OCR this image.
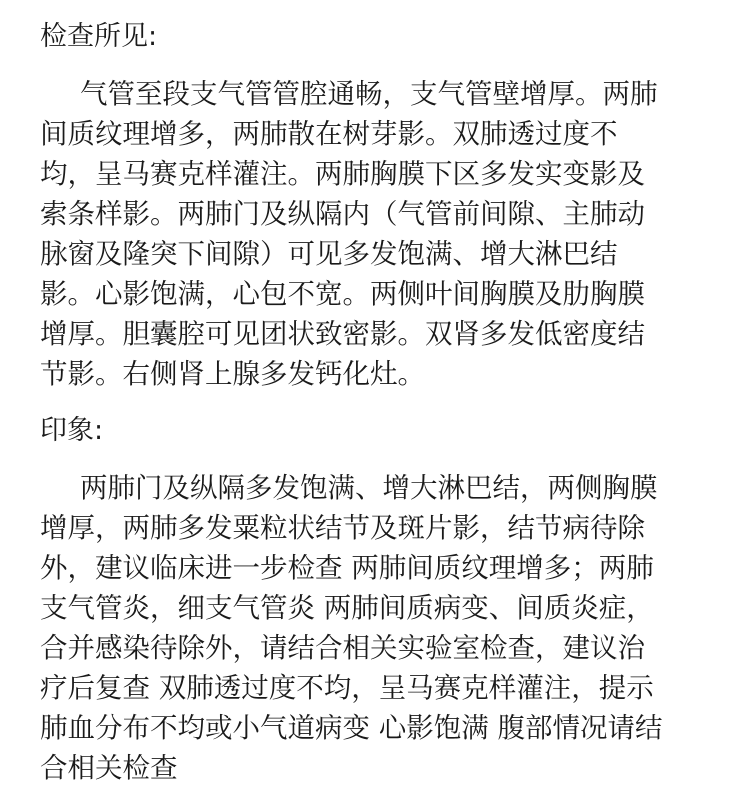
检查所见:

气管至段支气管管腔通畅，支气管壁增厚。两肺
间质纹理增多，两肺散在树芽影。双肺透过度不
均，呈马赛克样灌注。两肺胸膜下区多发实变影及
索条样影。两肺门及纵隔内（气管前间隙、主肺动
脉窗及隆突下间隙）可见多发饱满、增大淋巴结
影。心影饱满，心包不宽。两侧叶间胸膜及肋胸膜
增厚。胆囊腔可见团状致密影。双肾多发低密度结
节影。右侧肾上腺多发钙化灶。

印象:

两肺门及纵隔多发饱满、增大淋巴结，两侧胸膜
增厚，两肺多发粟粒状结节及斑片影，结节病待除
外，建议临床进一步检查 两肺间质纹理增多；两肺
支气管炎，细支气管炎 两肺间质病变、间质炎症，
合并感染待除外，请结合相关实验室检查，建议治
疗后复查 双肺透过度不均，呈马赛克样灌注，提示
肺血分布不均或小气道病变 心影饱满 腹部情况请结
合相关检查
